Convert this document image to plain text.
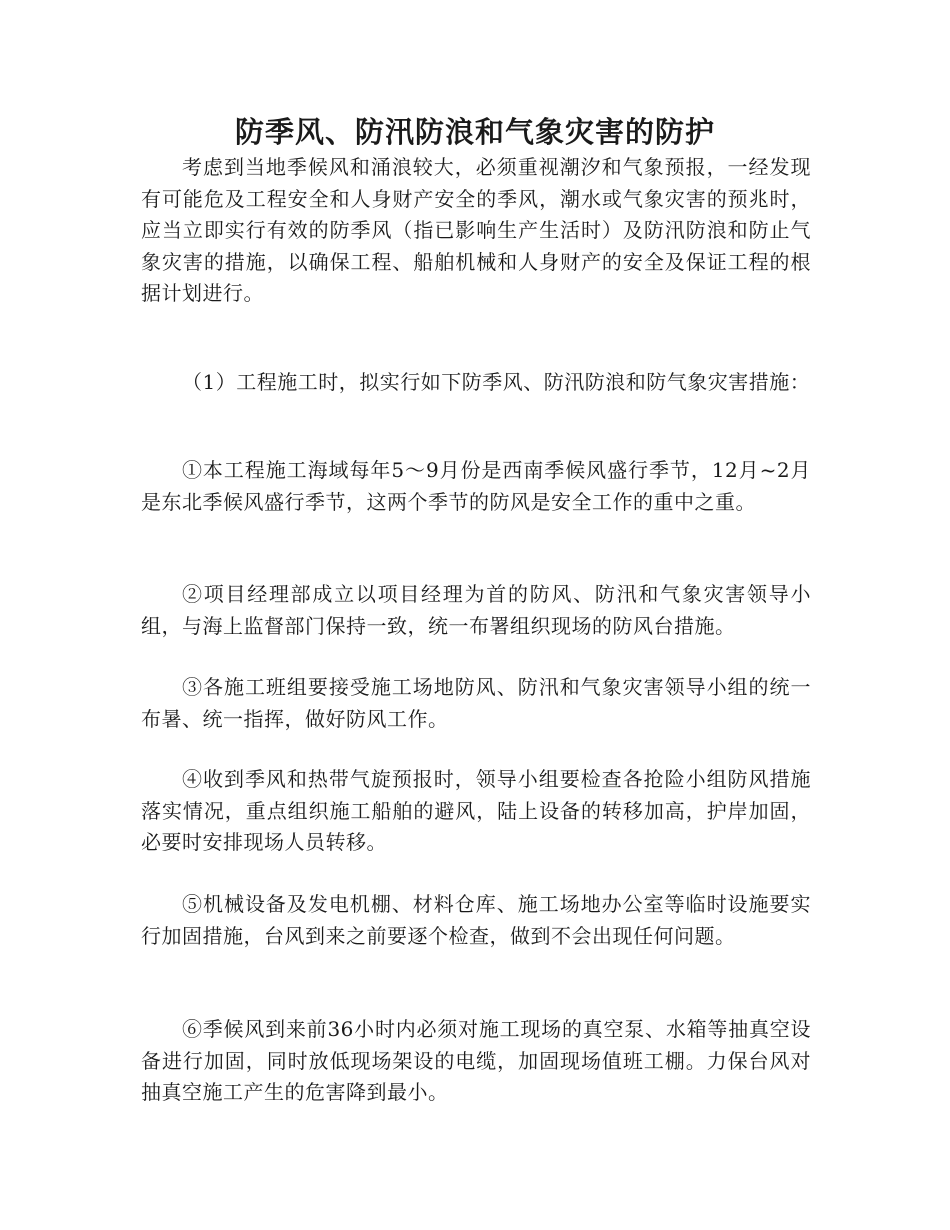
防季风、防汛防浪和气象灾害的防护

考虑到当地季候风和涌浪较大，必须重视潮汐和气象预报，一经发现有可能危及工程安全和人身财产安全的季风，潮水或气象灾害的预兆时，应当立即实行有效的防季风（指已影响生产生活时）及防汛防浪和防止气象灾害的措施，以确保工程、船舶机械和人身财产的安全及保证工程的根据计划进行。

（1）工程施工时，拟实行如下防季风、防汛防浪和防气象灾害措施：

①本工程施工海域每年5～9月份是西南季候风盛行季节，12月~2月是东北季候风盛行季节，这两个季节的防风是安全工作的重中之重。

②项目经理部成立以项目经理为首的防风、防汛和气象灾害领导小组，与海上监督部门保持一致，统一布署组织现场的防风台措施。

③各施工班组要接受施工场地防风、防汛和气象灾害领导小组的统一布暑、统一指挥，做好防风工作。

④收到季风和热带气旋预报时，领导小组要检查各抢险小组防风措施落实情况，重点组织施工船舶的避风，陆上设备的转移加高，护岸加固，必要时安排现场人员转移。

⑤机械设备及发电机棚、材料仓库、施工场地办公室等临时设施要实行加固措施，台风到来之前要逐个检查，做到不会出现任何问题。

⑥季候风到来前36小时内必须对施工现场的真空泵、水箱等抽真空设备进行加固，同时放低现场架设的电缆，加固现场值班工棚。力保台风对抽真空施工产生的危害降到最小。
